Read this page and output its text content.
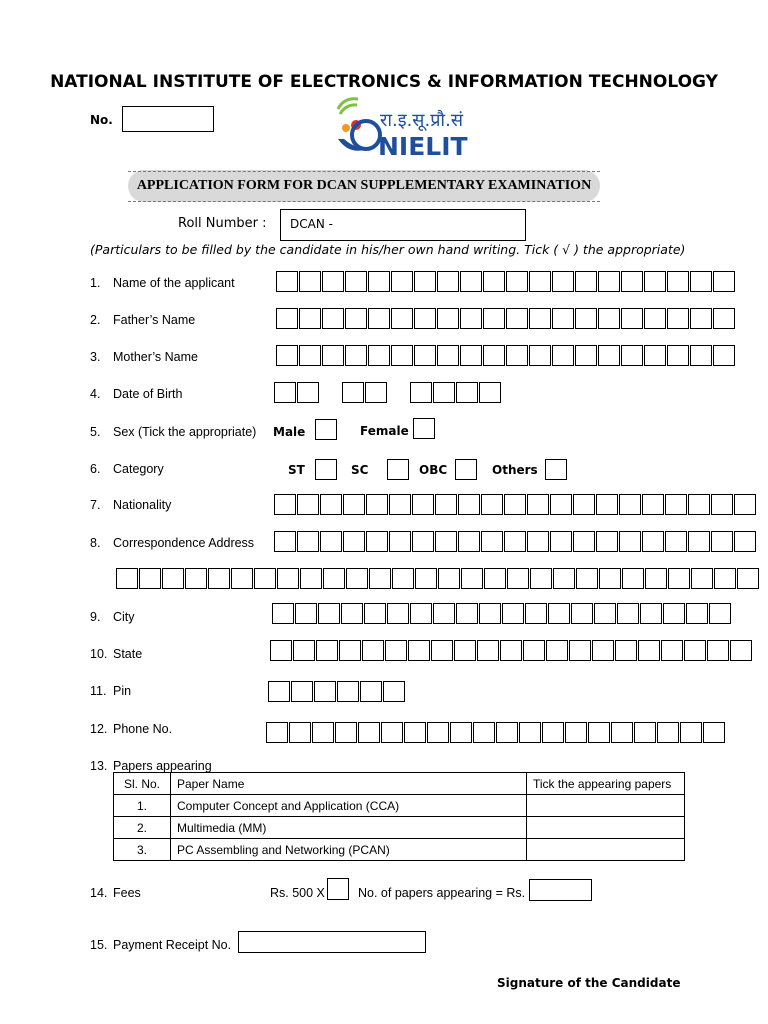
NATIONAL INSTITUTE OF ELECTRONICS & INFORMATION TECHNOLOGY
No.	रा.इ.सू.प्रौ.सं
NIELIT
APPLICATION FORM FOR DCAN SUPPLEMENTARY EXAMINATION
Roll Number : DCAN -
(Particulars to be filled by the candidate in his/her own hand writing. Tick ( √ ) the appropriate)
1. Name of the applicant
2. Father’s Name
3. Mother’s Name
4. Date of Birth
5. Sex (Tick the appropriate) Male	Female
6. Category	ST	SC	OBC	Others
7. Nationality
8. Correspondence Address
9. City
10. State
11. Pin
12. Phone No.
13. Papers appearing
Sl. No.	Paper Name	Tick the appearing papers
1.	Computer Concept and Application (CCA)	
2.	Multimedia (MM)	
3.	PC Assembling and Networking (PCAN)	
14. Fees	Rs. 500 X	No. of papers appearing = Rs.
15. Payment Receipt No.
Signature of the Candidate
